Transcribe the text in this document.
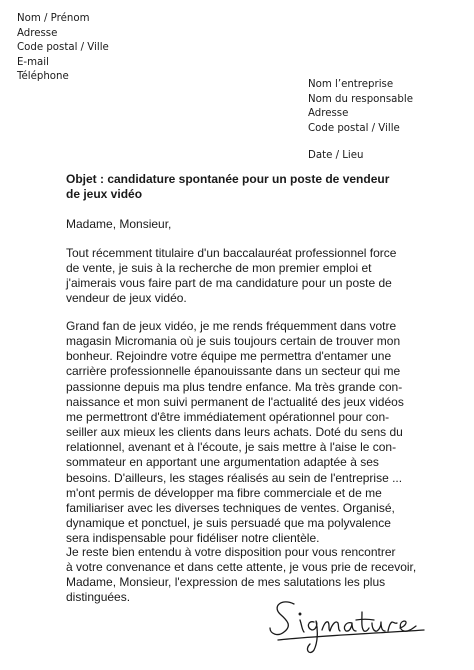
Nom / Prénom
Adresse
Code postal / Ville
E-mail
Téléphone
Nom l’entreprise
Nom du responsable
Adresse
Code postal / Ville
Date / Lieu
Objet : candidature spontanée pour un poste de vendeur
de jeux vidéo
Madame, Monsieur,
Tout récemment titulaire d'un baccalauréat professionnel force
de vente, je suis à la recherche de mon premier emploi et
j'aimerais vous faire part de ma candidature pour un poste de
vendeur de jeux vidéo.
Grand fan de jeux vidéo, je me rends fréquemment dans votre
magasin Micromania où je suis toujours certain de trouver mon
bonheur. Rejoindre votre équipe me permettra d'entamer une
carrière professionnelle épanouissante dans un secteur qui me
passionne depuis ma plus tendre enfance. Ma très grande con-
naissance et mon suivi permanent de l'actualité des jeux vidéos
me permettront d'être immédiatement opérationnel pour con-
seiller aux mieux les clients dans leurs achats. Doté du sens du
relationnel, avenant et à l'écoute, je sais mettre à l'aise le con-
sommateur en apportant une argumentation adaptée à ses
besoins. D'ailleurs, les stages réalisés au sein de l'entreprise ...
m'ont permis de développer ma fibre commerciale et de me
familiariser avec les diverses techniques de ventes. Organisé,
dynamique et ponctuel, je suis persuadé que ma polyvalence
sera indispensable pour fidéliser notre clientèle.
Je reste bien entendu à votre disposition pour vous rencontrer
à votre convenance et dans cette attente, je vous prie de recevoir,
Madame, Monsieur, l'expression de mes salutations les plus
distinguées.
